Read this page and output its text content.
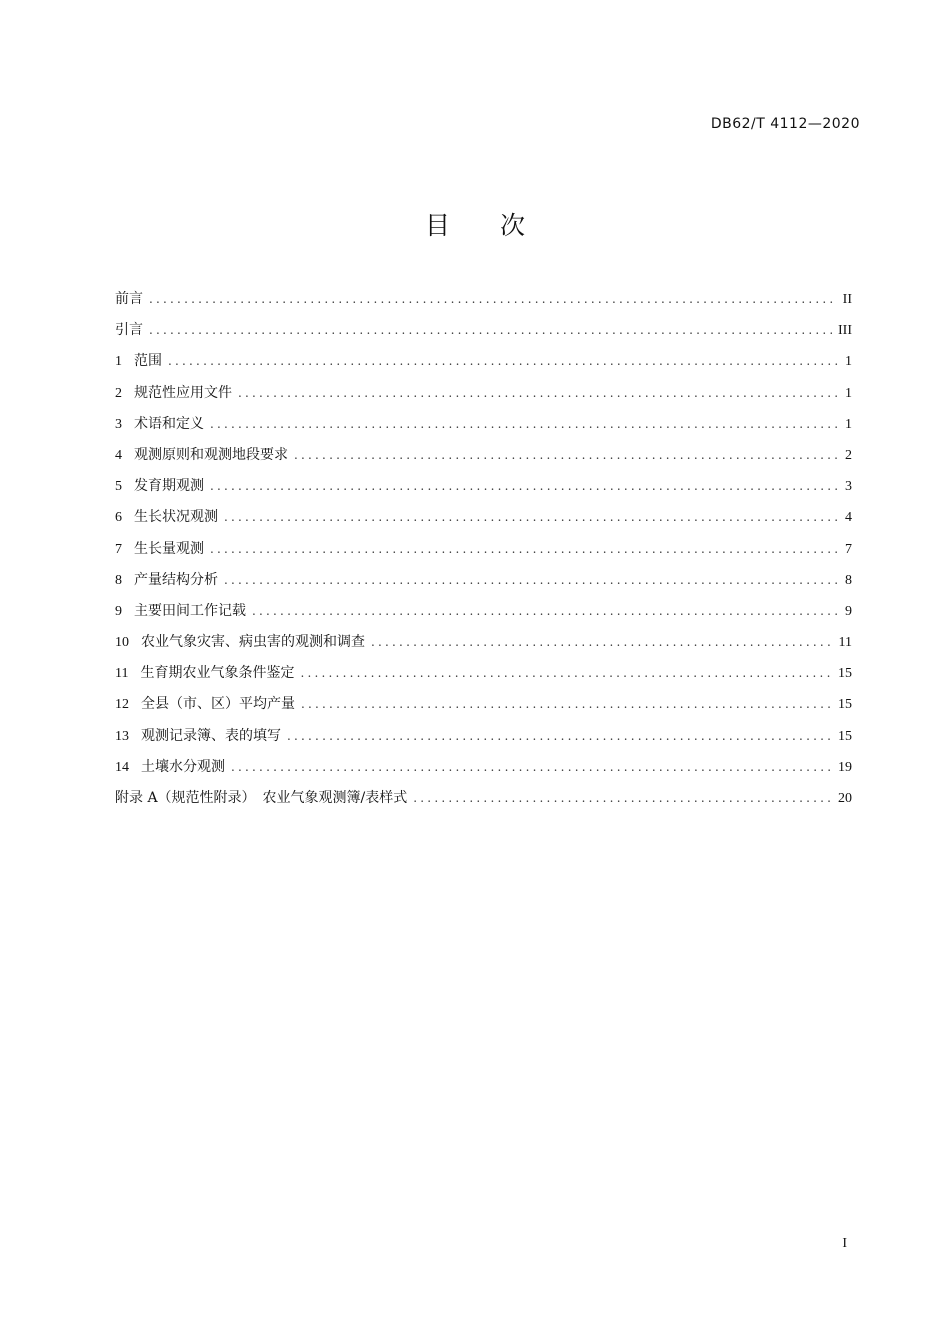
DB62/T 4112—2020
目　　 次
前言 .....	II
引言 .....	III
1 范围 .....	1
2 规范性应用文件 .....	1
3 术语和定义 .....	1
4 观测原则和观测地段要求 .....	2
5 发育期观测 .....	3
6 生长状况观测 .....	4
7 生长量观测 .....	7
8 产量结构分析 .....	8
9 主要田间工作记载 .....	9
10 农业气象灾害、病虫害的观测和调查 .....	11
11 生育期农业气象条件鉴定 .....	15
12 全县（市、区）平均产量 .....	15
13 观测记录簿、表的填写 .....	15
14 土壤水分观测 .....	19
附录 A（规范性附录）　农业气象观测簿/表样式 .....	20
I
